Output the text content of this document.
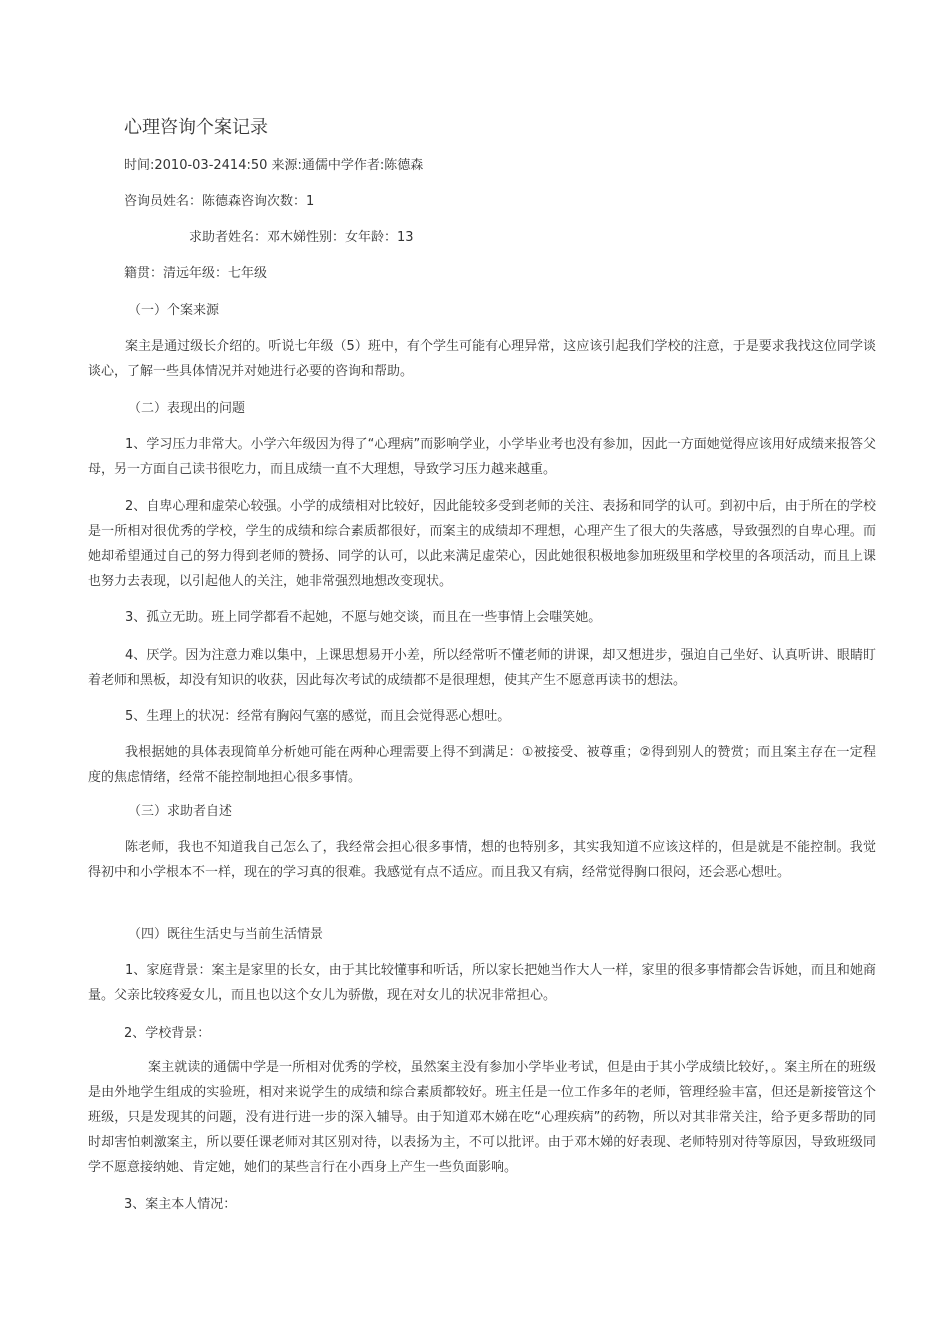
心理咨询个案记录
时间:2010-03-2414:50 来源:通儒中学作者:陈德森
咨询员姓名：陈德森咨询次数：1
求助者姓名：邓木娣性别：女年龄：13
籍贯：清远年级：七年级
（一）个案来源

案主是通过级长介绍的。听说七年级（5）班中，有个学生可能有心理异常，这应该引起我们学校的注意，于是要求我找这位同学谈谈心，了解一些具体情况并对她进行必要的咨询和帮助。

（二）表现出的问题

1、学习压力非常大。小学六年级因为得了“心理病”而影响学业，小学毕业考也没有参加，因此一方面她觉得应该用好成绩来报答父母，另一方面自己读书很吃力，而且成绩一直不大理想，导致学习压力越来越重。

2、自卑心理和虚荣心较强。小学的成绩相对比较好，因此能较多受到老师的关注、表扬和同学的认可。到初中后，由于所在的学校是一所相对很优秀的学校，学生的成绩和综合素质都很好，而案主的成绩却不理想，心理产生了很大的失落感，导致强烈的自卑心理。而她却希望通过自己的努力得到老师的赞扬、同学的认可，以此来满足虚荣心，因此她很积极地参加班级里和学校里的各项活动，而且上课也努力去表现，以引起他人的关注，她非常强烈地想改变现状。

3、孤立无助。班上同学都看不起她，不愿与她交谈，而且在一些事情上会嗤笑她。

4、厌学。因为注意力难以集中，上课思想易开小差，所以经常听不懂老师的讲课，却又想进步，强迫自己坐好、认真听讲、眼睛盯着老师和黑板，却没有知识的收获，因此每次考试的成绩都不是很理想，使其产生不愿意再读书的想法。

5、生理上的状况：经常有胸闷气塞的感觉，而且会觉得恶心想吐。

我根据她的具体表现简单分析她可能在两种心理需要上得不到满足：①被接受、被尊重；②得到别人的赞赏；而且案主存在一定程度的焦虑情绪，经常不能控制地担心很多事情。

（三）求助者自述

陈老师，我也不知道我自己怎么了，我经常会担心很多事情，想的也特别多，其实我知道不应该这样的，但是就是不能控制。我觉得初中和小学根本不一样，现在的学习真的很难。我感觉有点不适应。而且我又有病，经常觉得胸口很闷，还会恶心想吐。

（四）既往生活史与当前生活情景

1、家庭背景：案主是家里的长女，由于其比较懂事和听话，所以家长把她当作大人一样，家里的很多事情都会告诉她，而且和她商量。父亲比较疼爱女儿，而且也以这个女儿为骄傲，现在对女儿的状况非常担心。

2、学校背景：

案主就读的通儒中学是一所相对优秀的学校，虽然案主没有参加小学毕业考试，但是由于其小学成绩比较好，。案主所在的班级是由外地学生组成的实验班，相对来说学生的成绩和综合素质都较好。班主任是一位工作多年的老师，管理经验丰富，但还是新接管这个班级，只是发现其的问题，没有进行进一步的深入辅导。由于知道邓木娣在吃“心理疾病”的药物，所以对其非常关注，给予更多帮助的同时却害怕刺激案主，所以要任课老师对其区别对待，以表扬为主，不可以批评。由于邓木娣的好表现、老师特别对待等原因，导致班级同学不愿意接纳她、肯定她，她们的某些言行在小西身上产生一些负面影响。

3、案主本人情况：
